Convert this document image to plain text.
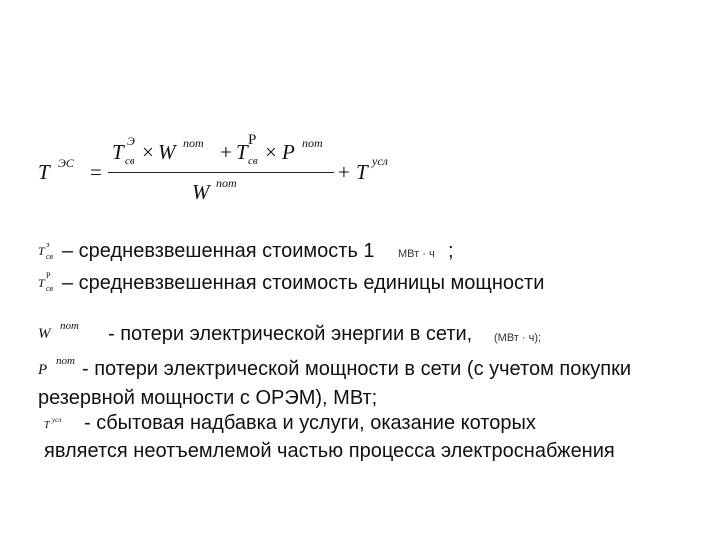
T ЭС =
T Э
св × W пот + T Р
св × P пот
W пот	+ T усл
T э
св – средневзвешенная стоимость 1 МВт · ч ;
T
Р
св – средневзвешенная стоимость единицы мощности
W пот - потери электрической энергии в сети, (МВт · ч);
P
пот - потери электрической мощности в сети (с учетом покупки
резервной мощности с ОРЭМ), МВт;
T усл - сбытовая надбавка и услуги, оказание которых
является неотъемлемой частью процесса электроснабжения
